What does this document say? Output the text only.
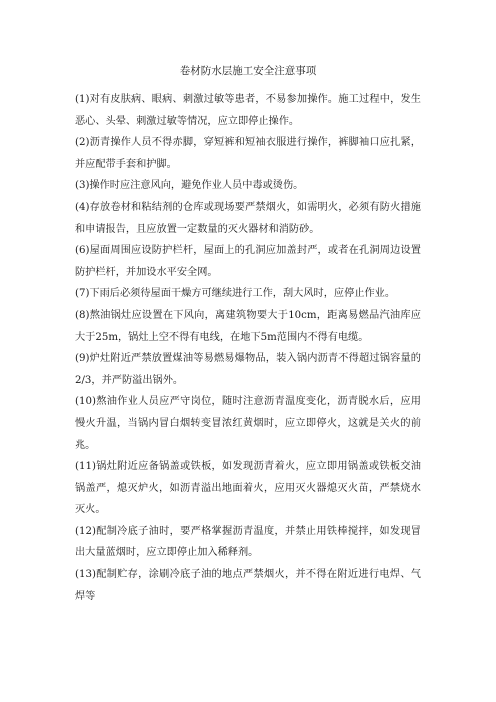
卷材防水层施工安全注意事项

(1)对有皮肤病、眼病、刺激过敏等患者，不易参加操作。施工过程中，发生恶心、头晕、刺激过敏等情况，应立即停止操作。

(2)沥青操作人员不得赤脚，穿短裤和短袖衣服进行操作，裤脚袖口应扎紧，并应配带手套和护脚。

(3)操作时应注意风向，避免作业人员中毒或烫伤。

(4)存放卷材和粘结剂的仓库或现场要严禁烟火，如需明火，必须有防火措施和申请报告，且应放置一定数量的灭火器材和消防砂。

(6)屋面周围应设防护栏杆，屋面上的孔洞应加盖封严，或者在孔洞周边设置防护栏杆，并加设水平安全网。

(7)下雨后必须待屋面干燥方可继续进行工作，刮大风时，应停止作业。

(8)熬油锅灶应设置在下风向，离建筑物要大于10cm，距离易燃品汽油库应大于25m，锅灶上空不得有电线，在地下5m范围内不得有电缆。

(9)炉灶附近严禁放置煤油等易燃易爆物品，装入锅内沥青不得超过锅容量的2/3，并严防溢出锅外。

(10)熬油作业人员应严守岗位，随时注意沥青温度变化，沥青脱水后，应用慢火升温，当锅内冒白烟转变冒浓红黄烟时，应立即停火，这就是关火的前兆。

(11)锅灶附近应备锅盖或铁板，如发现沥青着火，应立即用锅盖或铁板交油锅盖严，熄灭炉火，如沥青溢出地面着火，应用灭火器熄灭火苗，严禁烧水灭火。

(12)配制冷底子油时，要严格掌握沥青温度，并禁止用铁棒搅拌，如发现冒出大量蓝烟时，应立即停止加入稀释剂。

(13)配制贮存，涂刷冷底子油的地点严禁烟火，并不得在附近进行电焊、气焊等
